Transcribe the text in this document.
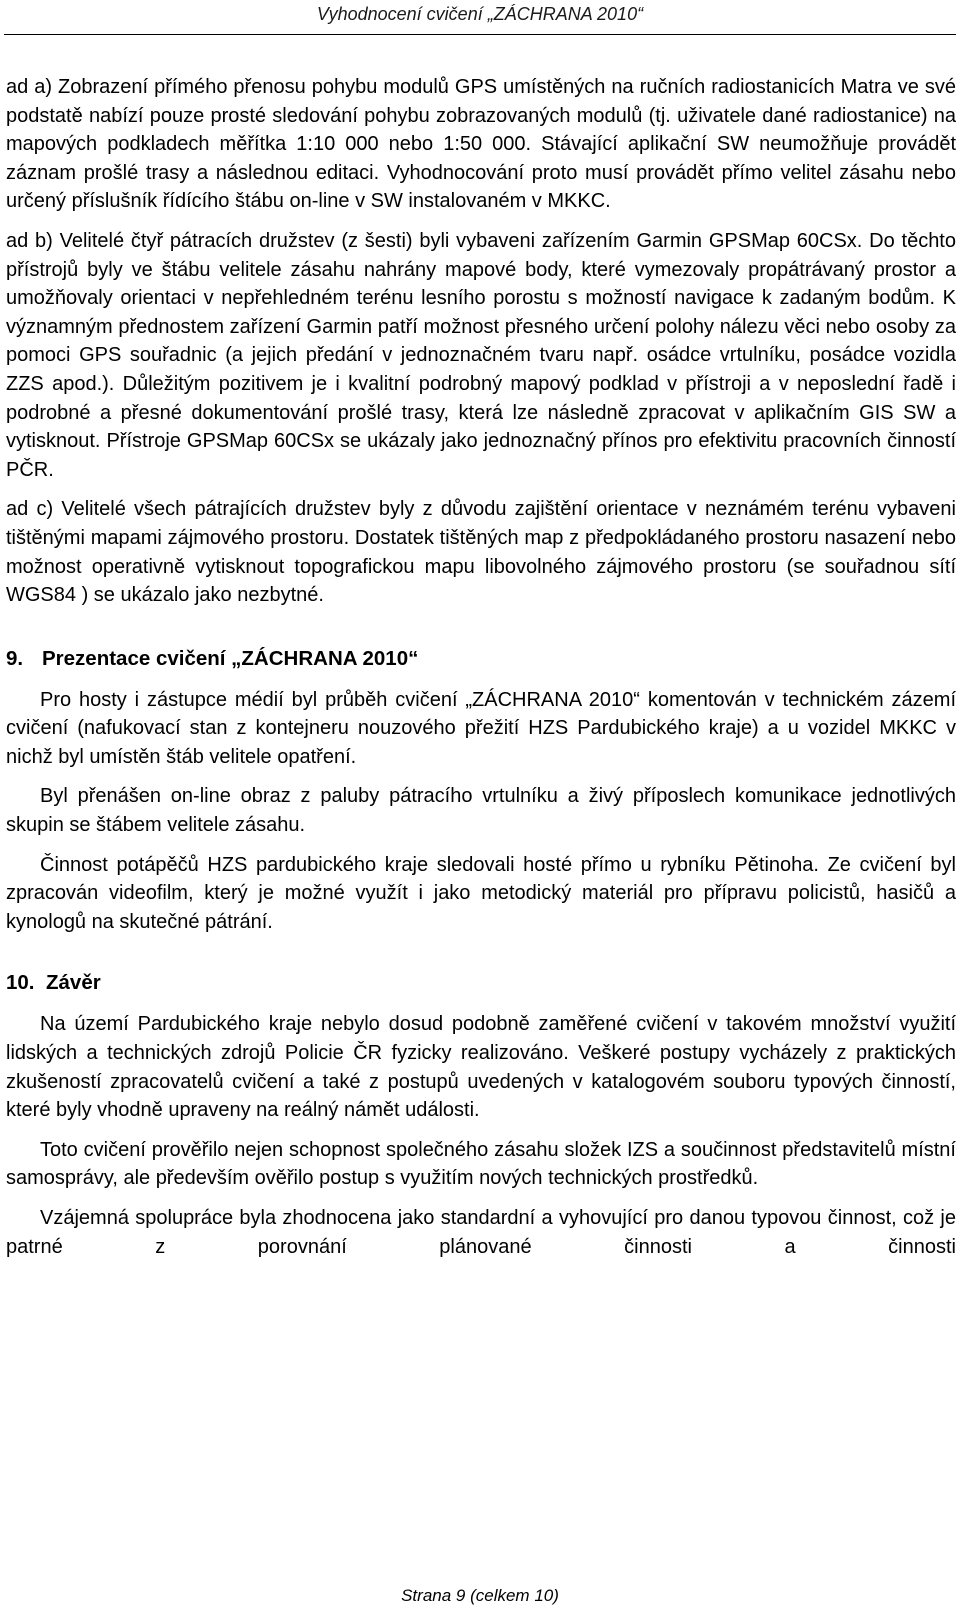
Vyhodnocení cvičení „ZÁCHRANA 2010“

ad a) Zobrazení přímého přenosu pohybu modulů GPS umístěných na ručních radiostanicích Matra ve své podstatě nabízí pouze prosté sledování pohybu zobrazovaných modulů (tj. uživatele dané radiostanice) na mapových podkladech měřítka 1:10 000 nebo 1:50 000. Stávající aplikační SW neumožňuje provádět záznam prošlé trasy a následnou editaci. Vyhodnocování proto musí provádět přímo velitel zásahu nebo určený příslušník řídícího štábu on-line v SW instalovaném v MKKC.

ad b) Velitelé čtyř pátracích družstev (z šesti) byli vybaveni zařízením Garmin GPSMap 60CSx. Do těchto přístrojů byly ve štábu velitele zásahu nahrány mapové body, které vymezovaly propátrávaný prostor a umožňovaly orientaci v nepřehledném terénu lesního porostu s možností navigace k zadaným bodům. K významným přednostem zařízení Garmin patří možnost přesného určení polohy nálezu věci nebo osoby za pomoci GPS souřadnic (a jejich předání v jednoznačném tvaru např. osádce vrtulníku, posádce vozidla ZZS apod.). Důležitým pozitivem je i kvalitní podrobný mapový podklad v přístroji a v neposlední řadě i podrobné a přesné dokumentování prošlé trasy, která lze následně zpracovat v aplikačním GIS SW a vytisknout. Přístroje GPSMap 60CSx se ukázaly jako jednoznačný přínos pro efektivitu pracovních činností PČR.

ad c) Velitelé všech pátrajících družstev byly z důvodu zajištění orientace v neznámém terénu vybaveni tištěnými mapami zájmového prostoru. Dostatek tištěných map z předpokládaného prostoru nasazení nebo možnost operativně vytisknout topografickou mapu libovolného zájmového prostoru (se souřadnou sítí WGS84 ) se ukázalo jako nezbytné.

9. Prezentace cvičení „ZÁCHRANA 2010“

Pro hosty i zástupce médií byl průběh cvičení „ZÁCHRANA 2010“ komentován v technickém zázemí cvičení (nafukovací stan z kontejneru nouzového přežití HZS Pardubického kraje) a u vozidel MKKC v nichž byl umístěn štáb velitele opatření.

Byl přenášen on-line obraz z paluby pátracího vrtulníku a živý příposlech komunikace jednotlivých skupin se štábem velitele zásahu.

Činnost potápěčů HZS pardubického kraje sledovali hosté přímo u rybníku Pětinoha. Ze cvičení byl zpracován videofilm, který je možné využít i jako metodický materiál pro přípravu policistů, hasičů a kynologů na skutečné pátrání.

10. Závěr

Na území Pardubického kraje nebylo dosud podobně zaměřené cvičení v takovém množství využití lidských a technických zdrojů Policie ČR fyzicky realizováno. Veškeré postupy vycházely z praktických zkušeností zpracovatelů cvičení a také z postupů uvedených v katalogovém souboru typových činností, které byly vhodně upraveny na reálný námět události.

Toto cvičení prověřilo nejen schopnost společného zásahu složek IZS a součinnost představitelů místní samosprávy, ale především ověřilo postup s využitím nových technických prostředků.

Vzájemná spolupráce byla zhodnocena jako standardní a vyhovující pro danou typovou činnost, což je patrné z porovnání plánované činnosti a činnosti

Strana 9 (celkem 10)
